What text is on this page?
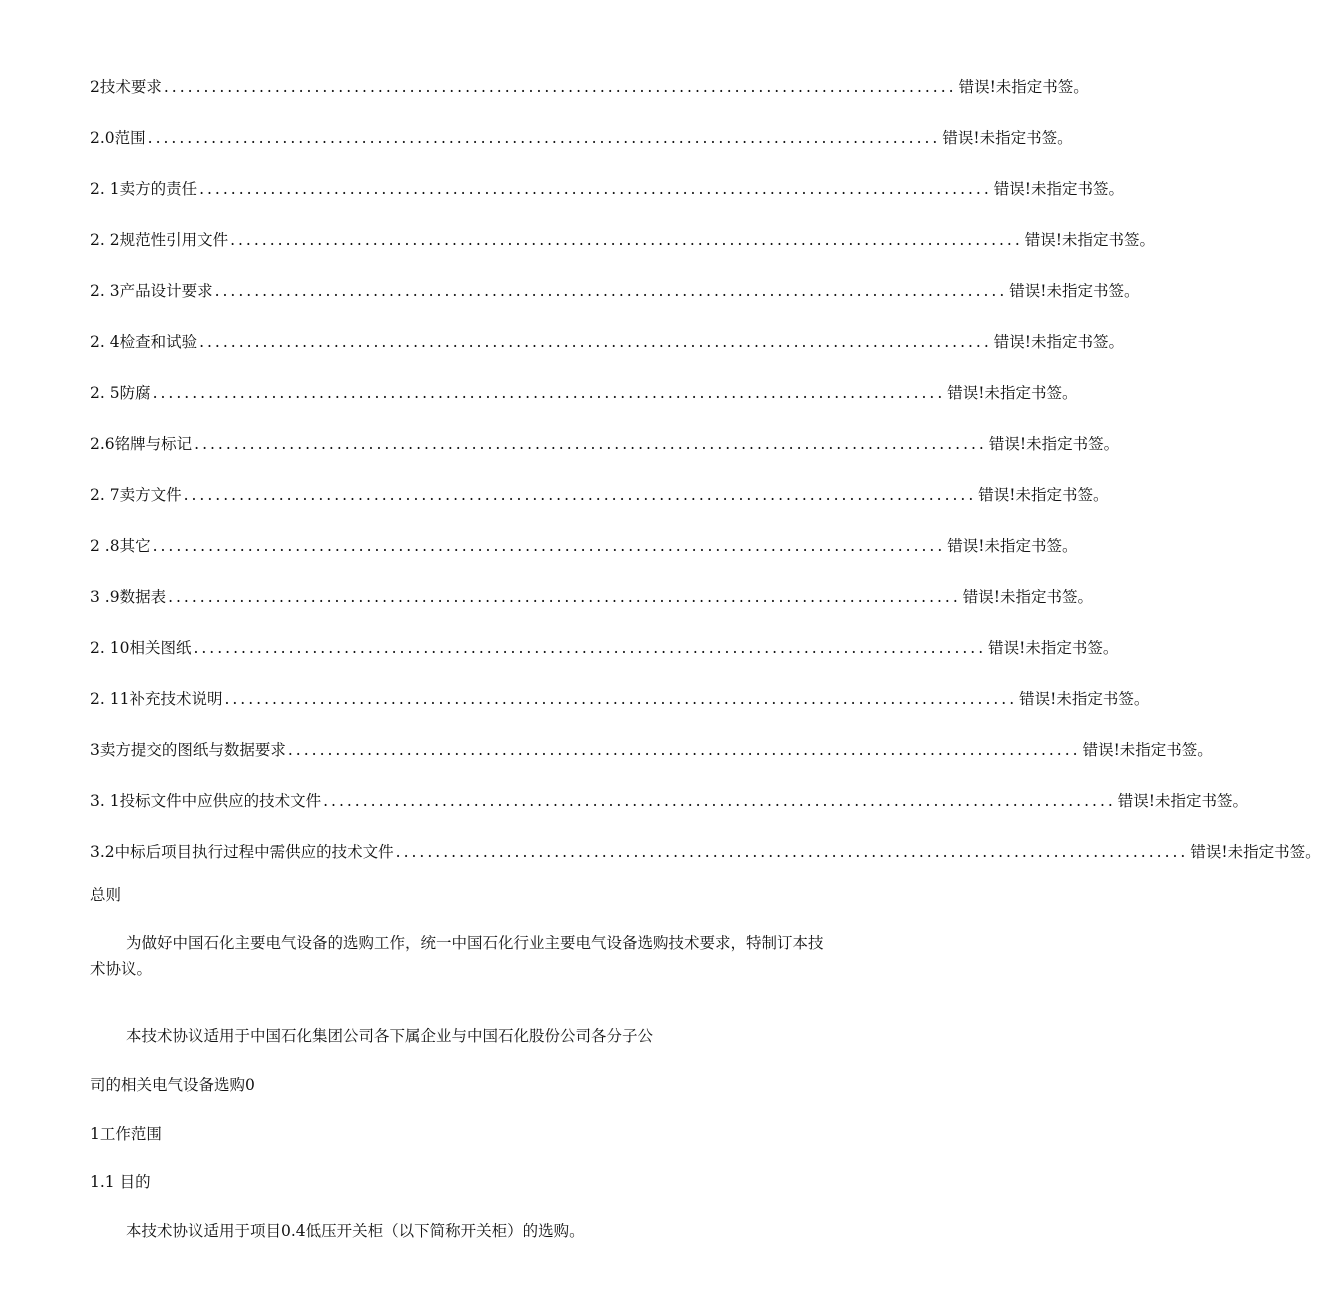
2技术要求 .................................................................................................... 错误!未指定书签。
2.0范围 .................................................................................................... 错误!未指定书签。
2. 1卖方的责任 .................................................................................................... 错误!未指定书签。
2. 2规范性引用文件 .................................................................................................... 错误!未指定书签。
2. 3产品设计要求 .................................................................................................... 错误!未指定书签。
2. 4检查和试验 .................................................................................................... 错误!未指定书签。
2. 5防腐 .................................................................................................... 错误!未指定书签。
2.6铭牌与标记 .................................................................................................... 错误!未指定书签。
2. 7卖方文件 .................................................................................................... 错误!未指定书签。
2 .8其它 .................................................................................................... 错误!未指定书签。
3 .9数据表 .................................................................................................... 错误!未指定书签。
2. 10相关图纸 .................................................................................................... 错误!未指定书签。
2. 11补充技术说明 .................................................................................................... 错误!未指定书签。
3卖方提交的图纸与数据要求 .................................................................................................... 错误!未指定书签。
3. 1投标文件中应供应的技术文件 .................................................................................................... 错误!未指定书签。
3.2中标后项目执行过程中需供应的技术文件 .................................................................................................... 错误!未指定书签。
总则
为做好中国石化主要电气设备的选购工作，统一中国石化行业主要电气设备选购技术要求，特制订本技术协议。
本技术协议适用于中国石化集团公司各下属企业与中国石化股份公司各分子公
司的相关电气设备选购0
1工作范围
1.1 目的
本技术协议适用于项目0.4低压开关柜（以下简称开关柜）的选购。
